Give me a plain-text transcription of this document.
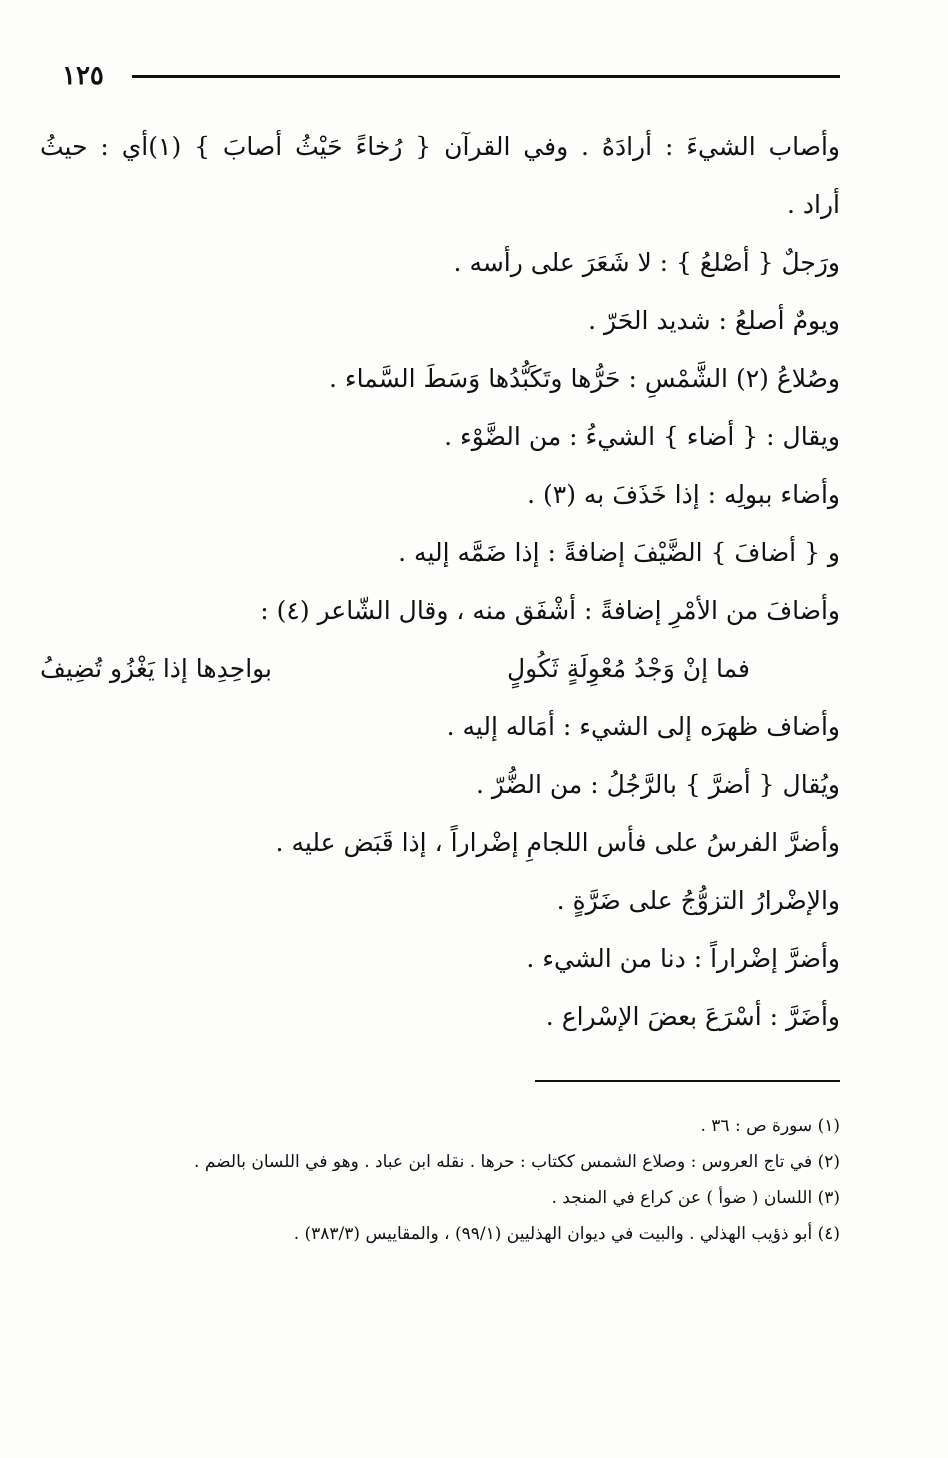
١٢٥
وأصاب الشيءَ : أرادَهُ . وفي القرآن { رُخاءً حَيْثُ أصابَ } (١)أي : حيثُ
أراد .
ورَجلٌ { أصْلعُ } : لا شَعَرَ على رأسه .
ويومٌ أصلعُ : شديد الحَرّ .
وصُلاعُ (٢) الشَّمْسِ : حَرُّها وتَكَبُّدُها وَسَطَ السَّماء .
ويقال : { أضاء } الشيءُ : من الضَّوْء .
وأضاء ببولِه : إذا خَذَفَ به (٣) .
و { أضافَ } الضَّيْفَ إضافةً : إذا ضَمَّه إليه .
وأضافَ من الأمْرِ إضافةً : أشْفَق منه ، وقال الشّاعر (٤) :
فما إنْ وَجْدُ مُعْوِلَةٍ ثَكُولٍ
بواحِدِها إذا يَغْزُو تُضِيفُ
وأضاف ظهرَه إلى الشيء : أمَاله إليه .
ويُقال { أضرَّ } بالرَّجُلُ : من الضُّرّ .
وأضرَّ الفرسُ على فأس اللجامِ إضْراراً ، إذا قَبَض عليه .
والإضْرارُ التزوُّجُ على ضَرَّةٍ .
وأضرَّ إضْراراً : دنا من الشيء .
وأضَرَّ : أسْرَعَ بعضَ الإسْراع .
(١) سورة ص : ٣٦ .
(٢) في تاج العروس : وصلاع الشمس ككتاب : حرها . نقله ابن عباد . وهو في اللسان بالضم .
(٣) اللسان ( ضوأ ) عن كراع في المنجد .
(٤) أبو ذؤيب الهذلي . والبيت في ديوان الهذليين (٩٩/١) ، والمقاييس (٣٨٣/٣) .
